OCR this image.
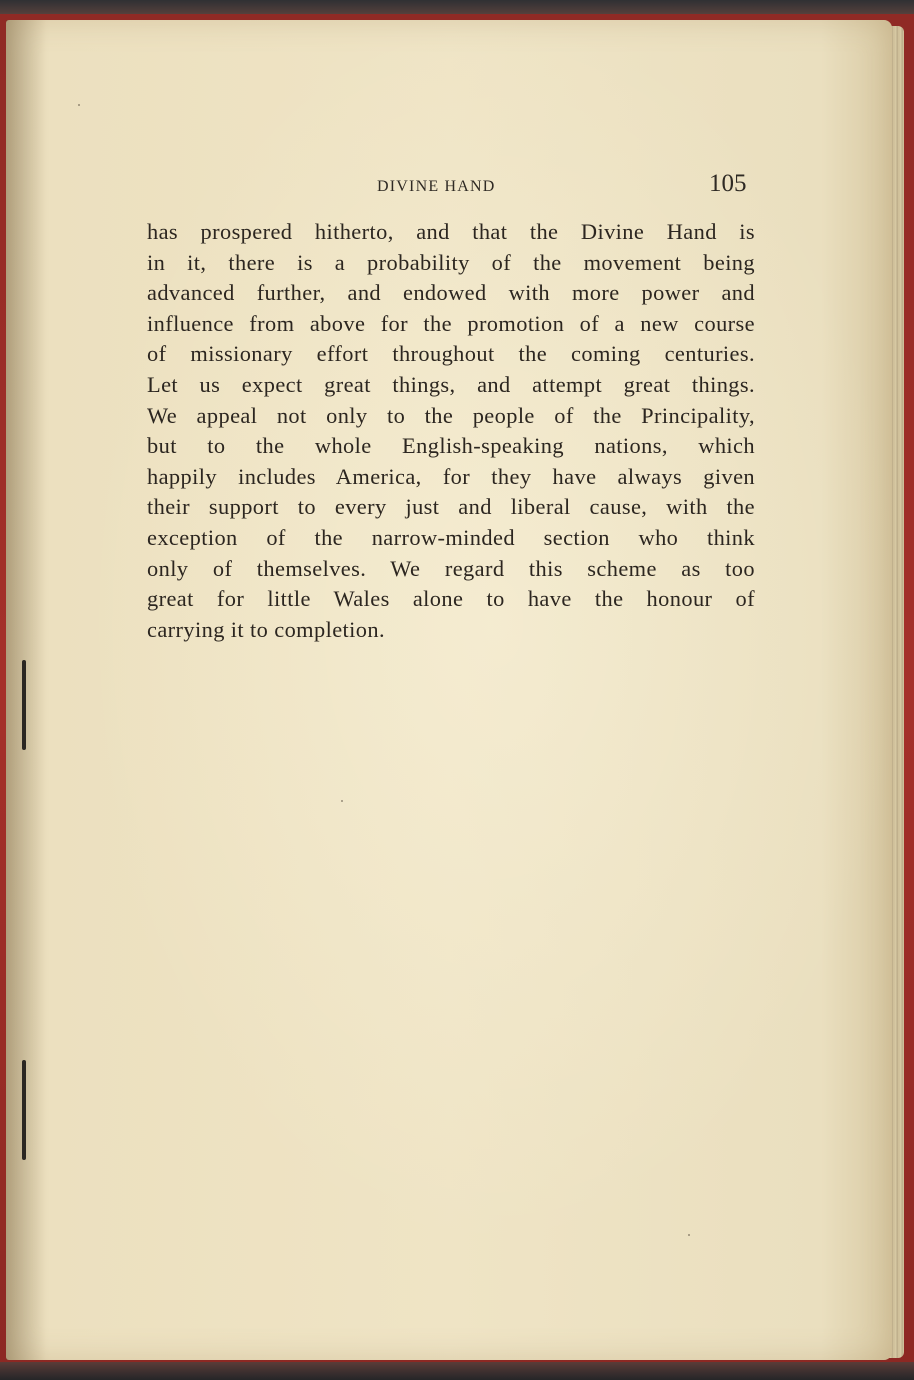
DIVINE HAND	105
has prospered hitherto, and that the Divine Hand is
in it, there is a probability of the movement being
advanced further, and endowed with more power and
influence from above for the promotion of a new course
of missionary effort throughout the coming centuries.
Let us expect great things, and attempt great things.
We appeal not only to the people of the Principality,
but to the whole English-speaking nations, which
happily includes America, for they have always given
their support to every just and liberal cause, with the
exception of the narrow-minded section who think
only of themselves. We regard this scheme as too
great for little Wales alone to have the honour of
carrying it to completion.
